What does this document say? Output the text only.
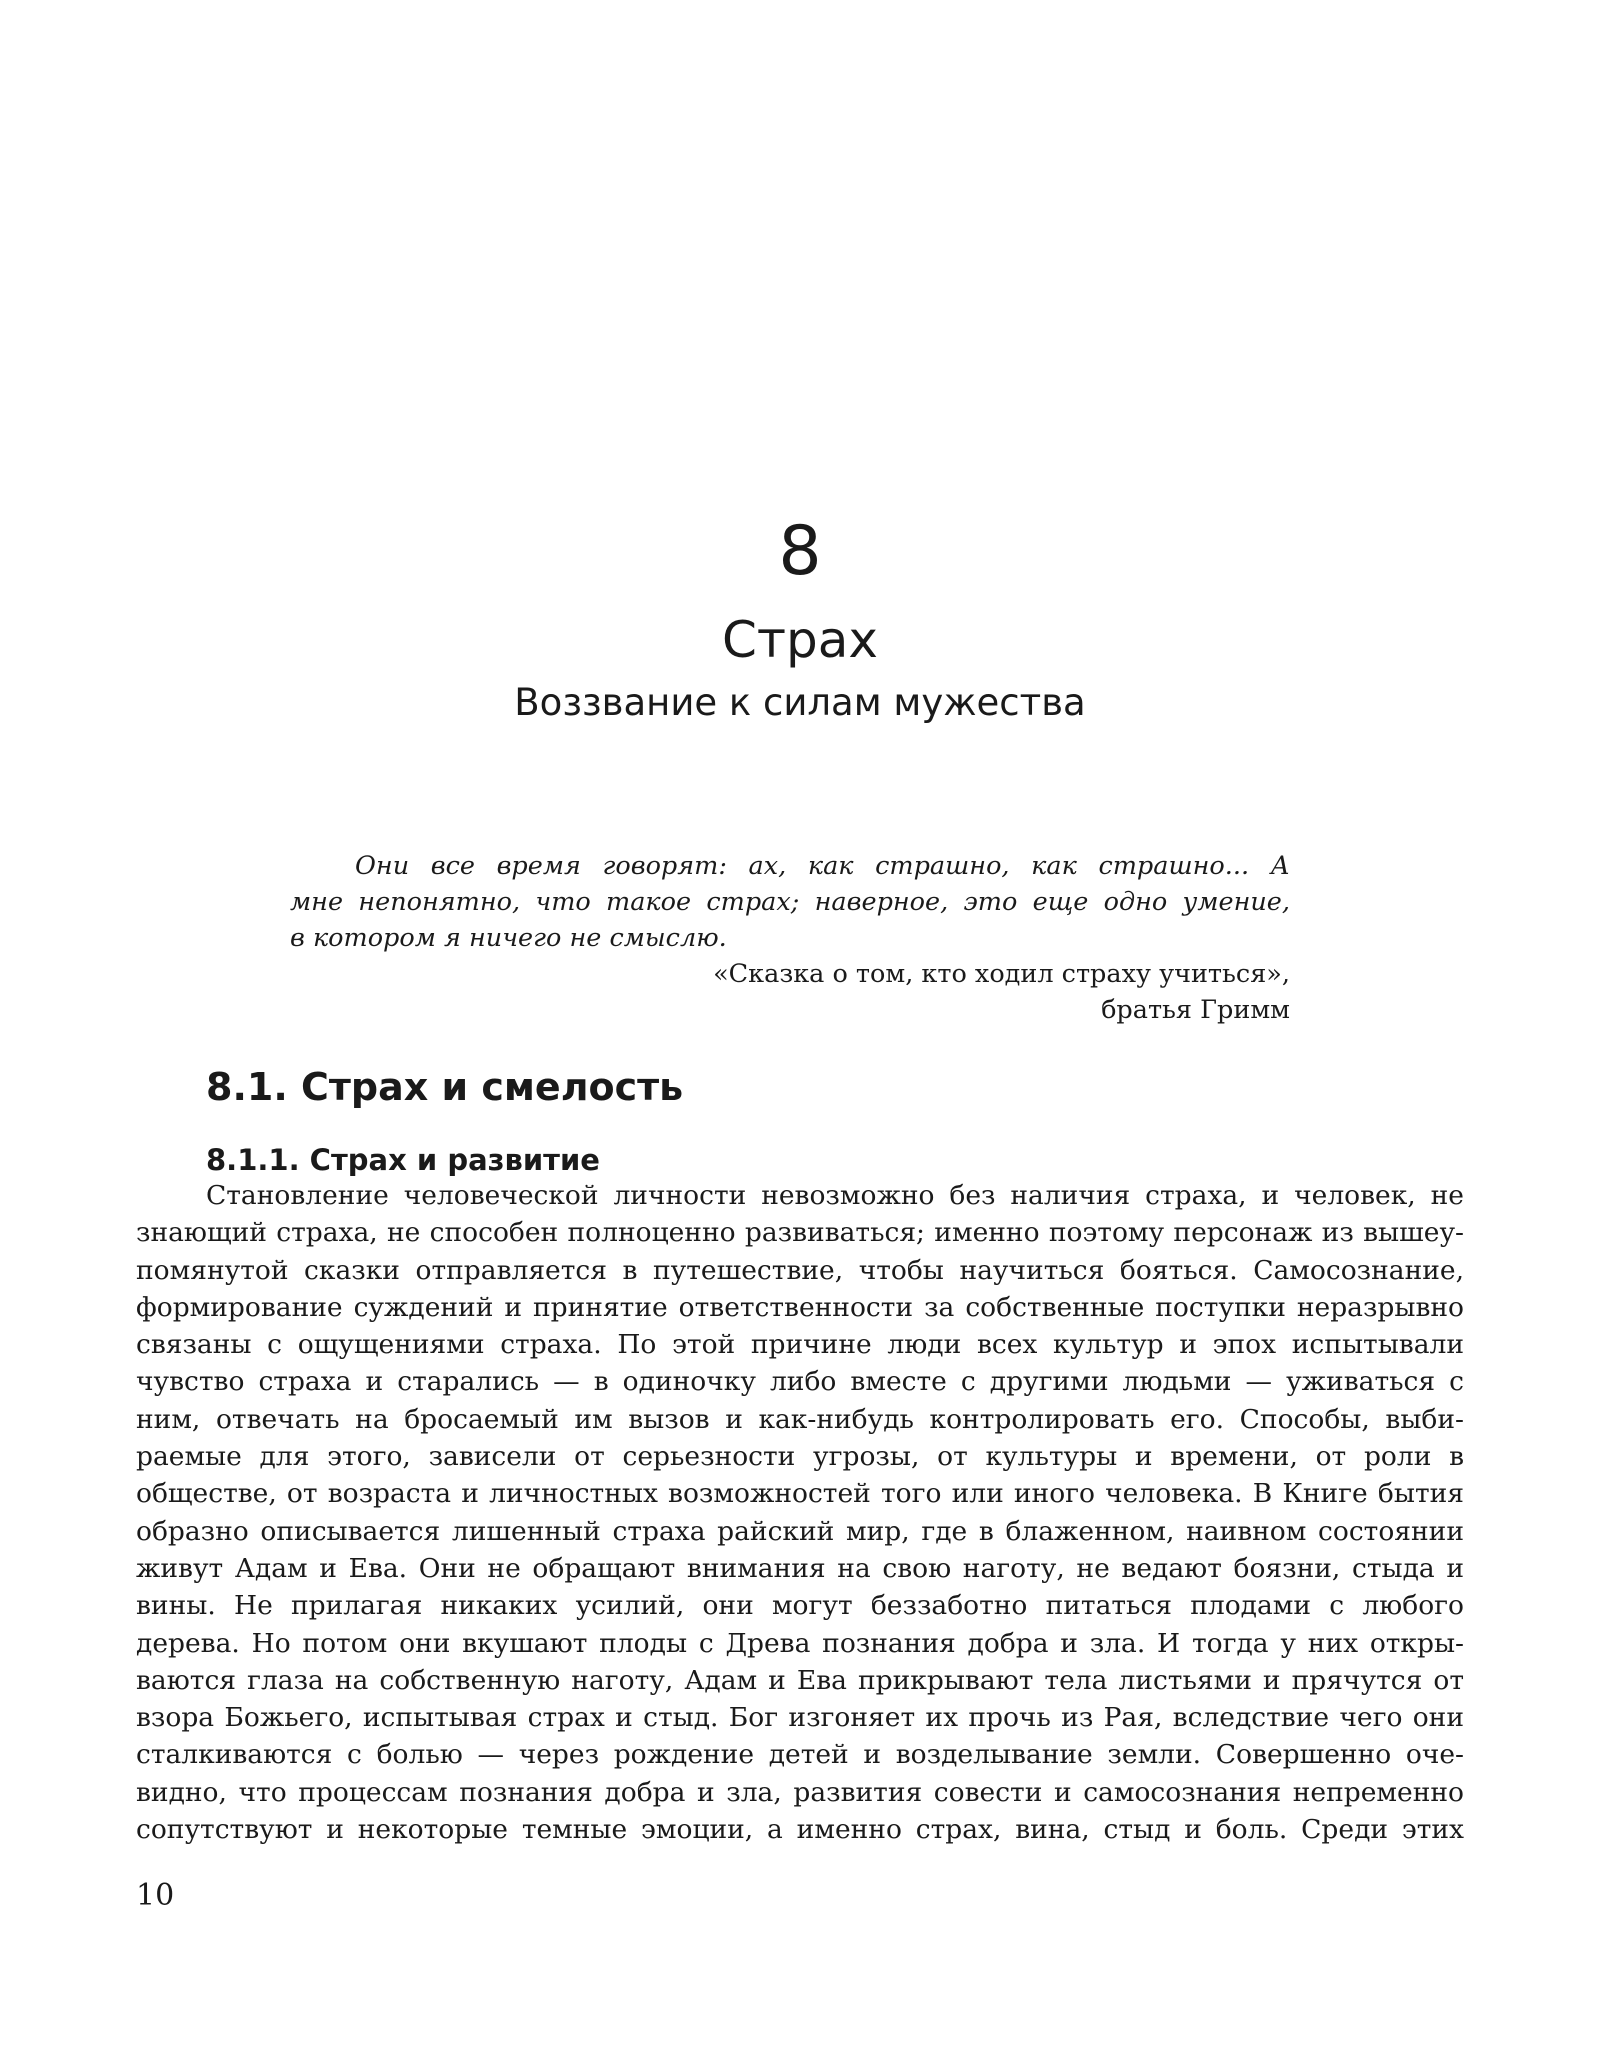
8
Страх
Воззвание к силам мужества

Они все время говорят: ах, как страшно, как страшно... А
мне непонятно, что такое страх; наверное, это еще одно умение,
в котором я ничего не смыслю.

«Сказка о том, кто ходил страху учиться»,
братья Гримм

8.1. Страх и смелость
8.1.1. Страх и развитие

Становление человеческой личности невозможно без наличия страха, и человек, не
знающий страха, не способен полноценно развиваться; именно поэтому персонаж из вышеу-
помянутой сказки отправляется в путешествие, чтобы научиться бояться. Самосознание,
формирование суждений и принятие ответственности за собственные поступки неразрывно
связаны с ощущениями страха. По этой причине люди всех культур и эпох испытывали
чувство страха и старались — в одиночку либо вместе с другими людьми — уживаться с
ним, отвечать на бросаемый им вызов и как-нибудь контролировать его. Способы, выби-
раемые для этого, зависели от серьезности угрозы, от культуры и времени, от роли в
обществе, от возраста и личностных возможностей того или иного человека. В Книге бытия
образно описывается лишенный страха райский мир, где в блаженном, наивном состоянии
живут Адам и Ева. Они не обращают внимания на свою наготу, не ведают боязни, стыда и
вины. Не прилагая никаких усилий, они могут беззаботно питаться плодами с любого
дерева. Но потом они вкушают плоды с Древа познания добра и зла. И тогда у них откры-
ваются глаза на собственную наготу, Адам и Ева прикрывают тела листьями и прячутся от
взора Божьего, испытывая страх и стыд. Бог изгоняет их прочь из Рая, вследствие чего они
сталкиваются с болью — через рождение детей и возделывание земли. Совершенно оче-
видно, что процессам познания добра и зла, развития совести и самосознания непременно
сопутствуют и некоторые темные эмоции, а именно страх, вина, стыд и боль. Среди этих

10
